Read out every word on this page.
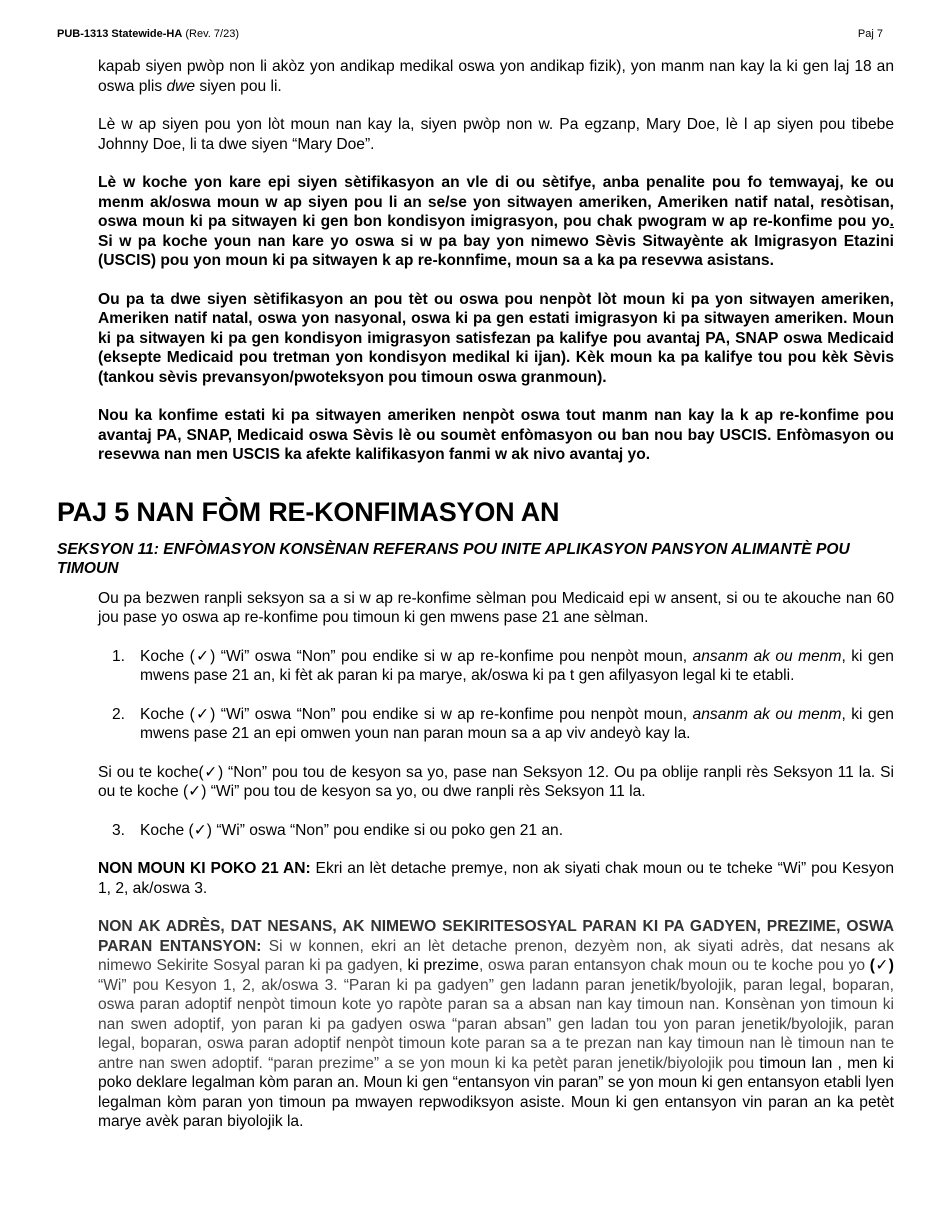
PUB-1313 Statewide-HA (Rev. 7/23)	Paj 7

kapab siyen pwòp non li akòz yon andikap medikal oswa yon andikap fizik), yon manm nan kay la ki gen laj 18 an oswa plis dwe siyen pou li.

Lè w ap siyen pou yon lòt moun nan kay la, siyen pwòp non w. Pa egzanp, Mary Doe, lè l ap siyen pou tibebe Johnny Doe, li ta dwe siyen “Mary Doe”.

Lè w koche yon kare epi siyen sètifikasyon an vle di ou sètifye, anba penalite pou fo temwayaj, ke ou menm ak/oswa moun w ap siyen pou li an se/se yon sitwayen ameriken, Ameriken natif natal, resòtisan, oswa moun ki pa sitwayen ki gen bon kondisyon imigrasyon, pou chak pwogram w ap re-konfime pou yo. Si w pa koche youn nan kare yo oswa si w pa bay yon nimewo Sèvis Sitwayènte ak Imigrasyon Etazini (USCIS) pou yon moun ki pa sitwayen k ap re-konnfime, moun sa a ka pa resevwa asistans.

Ou pa ta dwe siyen sètifikasyon an pou tèt ou oswa pou nenpòt lòt moun ki pa yon sitwayen ameriken, Ameriken natif natal, oswa yon nasyonal, oswa ki pa gen estati imigrasyon ki pa sitwayen ameriken. Moun ki pa sitwayen ki pa gen kondisyon imigrasyon satisfezan pa kalifye pou avantaj PA, SNAP oswa Medicaid (eksepte Medicaid pou tretman yon kondisyon medikal ki ijan). Kèk moun ka pa kalifye tou pou kèk Sèvis (tankou sèvis prevansyon/pwoteksyon pou timoun oswa granmoun).

Nou ka konfime estati ki pa sitwayen ameriken nenpòt oswa tout manm nan kay la k ap re-konfime pou avantaj PA, SNAP, Medicaid oswa Sèvis lè ou soumèt enfòmasyon ou ban nou bay USCIS. Enfòmasyon ou resevwa nan men USCIS ka afekte kalifikasyon fanmi w ak nivo avantaj yo.

PAJ 5 NAN FÒM RE-KONFIMASYON AN
SEKSYON 11: ENFÒMASYON KONSÈNAN REFERANS POU INITE APLIKASYON PANSYON ALIMANTÈ POU TIMOUN

Ou pa bezwen ranpli seksyon sa a si w ap re-konfime sèlman pou Medicaid epi w ansent, si ou te akouche nan 60 jou pase yo oswa ap re-konfime pou timoun ki gen mwens pase 21 ane sèlman.

1. Koche (✓) “Wi” oswa “Non” pou endike si w ap re-konfime pou nenpòt moun, ansanm ak ou menm, ki gen mwens pase 21 an, ki fèt ak paran ki pa marye, ak/oswa ki pa t gen afilyasyon legal ki te etabli.
2. Koche (✓) “Wi” oswa “Non” pou endike si w ap re-konfime pou nenpòt moun, ansanm ak ou menm, ki gen mwens pase 21 an epi omwen youn nan paran moun sa a ap viv andeyò kay la.

Si ou te koche(✓) “Non” pou tou de kesyon sa yo, pase nan Seksyon 12. Ou pa oblije ranpli rès Seksyon 11 la. Si ou te koche (✓) “Wi” pou tou de kesyon sa yo, ou dwe ranpli rès Seksyon 11 la.

3. Koche (✓) “Wi” oswa “Non” pou endike si ou poko gen 21 an.

NON MOUN KI POKO 21 AN: Ekri an lèt detache premye, non ak siyati chak moun ou te tcheke “Wi” pou Kesyon 1, 2, ak/oswa 3.

NON AK ADRÈS, DAT NESANS, AK NIMEWO SEKIRITESOSYAL PARAN KI PA GADYEN, PREZIME, OSWA PARAN ENTANSYON: Si w konnen, ekri an lèt detache prenon, dezyèm non, ak siyati adrès, dat nesans ak nimewo Sekirite Sosyal paran ki pa gadyen, ki prezime, oswa paran entansyon chak moun ou te koche pou yo (✓) “Wi” pou Kesyon 1, 2, ak/oswa 3. “Paran ki pa gadyen” gen ladann paran jenetik/byolojik, paran legal, boparan, oswa paran adoptif nenpòt timoun kote yo rapòte paran sa a absan nan kay timoun nan. Konsènan yon timoun ki nan swen adoptif, yon paran ki pa gadyen oswa “paran absan” gen ladan tou yon paran jenetik/byolojik, paran legal, boparan, oswa paran adoptif nenpòt timoun kote paran sa a te prezan nan kay timoun nan lè timoun nan te antre nan swen adoptif. “paran prezime” a se yon moun ki ka petèt paran jenetik/biyolojik pou timoun lan , men ki poko deklare legalman kòm paran an. Moun ki gen “entansyon vin paran” se yon moun ki gen entansyon etabli lyen legalman kòm paran yon timoun pa mwayen repwodiksyon asiste. Moun ki gen entansyon vin paran an ka petèt marye avèk paran biyolojik la.
